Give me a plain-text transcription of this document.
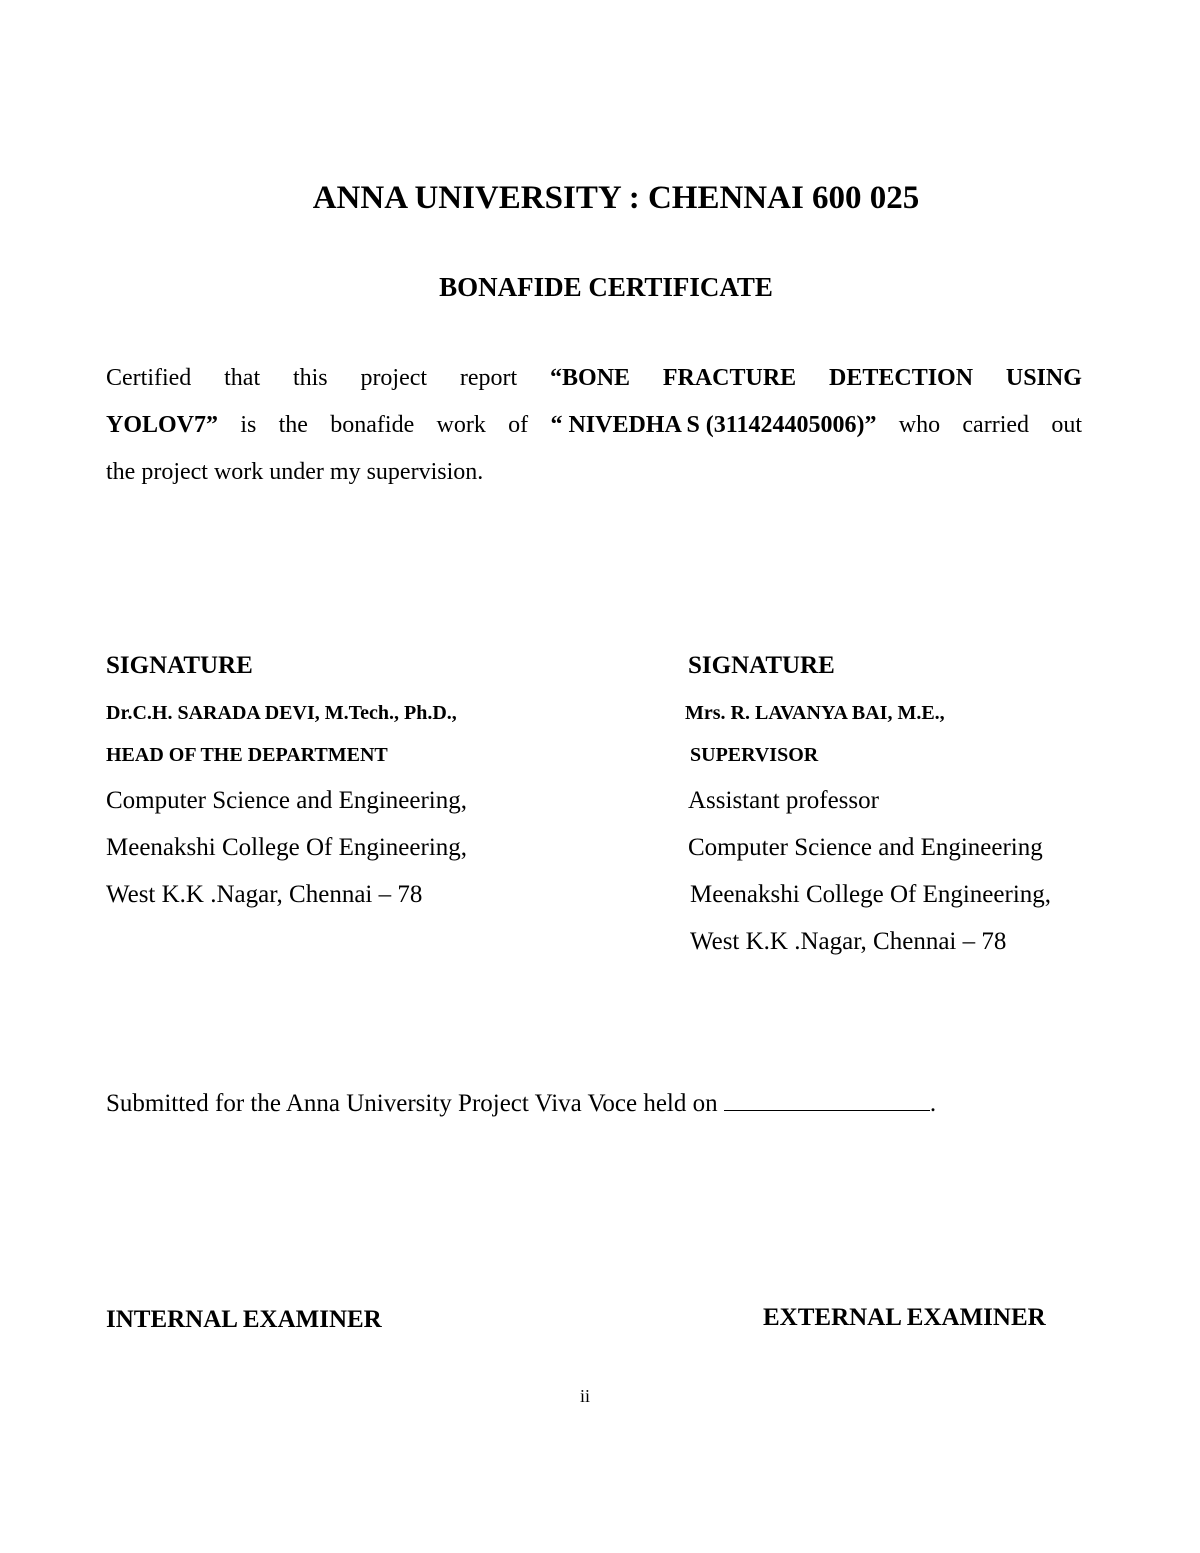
ANNA UNIVERSITY : CHENNAI 600 025
BONAFIDE CERTIFICATE
Certified that this project report “BONE FRACTURE DETECTION USING
YOLOV7” is the bonafide work of “ NIVEDHA S (311424405006)” who carried out
the project work under my supervision.
SIGNATURE
Dr.C.H. SARADA DEVI, M.Tech., Ph.D.,
HEAD OF THE DEPARTMENT
Computer Science and Engineering,
Meenakshi College Of Engineering,
West K.K .Nagar, Chennai – 78
SIGNATURE
Mrs. R. LAVANYA BAI, M.E.,
SUPERVISOR
Assistant professor
Computer Science and Engineering
Meenakshi College Of Engineering,
West K.K .Nagar, Chennai – 78
Submitted for the Anna University Project Viva Voce held on	.
INTERNAL EXAMINER	EXTERNAL EXAMINER
ii
